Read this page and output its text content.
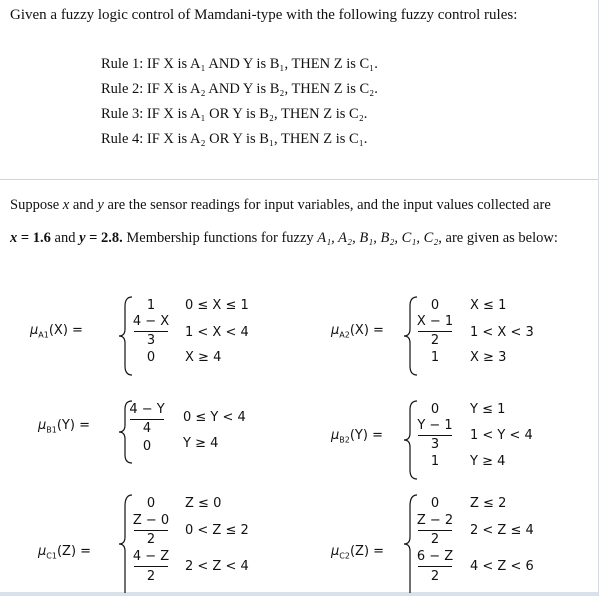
Given a fuzzy logic control of Mamdani-type with the following fuzzy control rules:
Rule 1: IF X is A₁ AND Y is B₁, THEN Z is C₁.
Rule 2: IF X is A₂ AND Y is B₂, THEN Z is C₂.
Rule 3: IF X is A₁ OR Y is B₂, THEN Z is C₂.
Rule 4: IF X is A₂ OR Y is B₁, THEN Z is C₁.
Suppose x and y are the sensor readings for input variables, and the input values collected are
x = 1.6 and y = 2.8. Membership functions for fuzzy A₁, A₂, B₁, B₂, C₁, C₂, are given as below:
$\mu_{A1}(X)$ =
1
4 − X
3
0
0 ≤ X ≤ 1
1 < X < 4
X ≥ 4
$\mu_{A2}(X)$ =
0
X − 1
2
1
X ≤ 1
1 < X < 3
X ≥ 3
$\mu_{B1}(Y)$ =
4 − Y
4
0
0 ≤ Y < 4
Y ≥ 4
$\mu_{B2}(Y)$ =
0
Y − 1
3
1
Y ≤ 1
1 < Y < 4
Y ≥ 4
$\mu_{C1}(Z)$ =
0
Z − 0
2
4 − Z
2
Z ≤ 0
0 < Z ≤ 2
2 < Z < 4
$\mu_{C2}(Z)$ =
0
Z − 2
2
6 − Z
2
Z ≤ 2
2 < Z ≤ 4
4 < Z < 6
